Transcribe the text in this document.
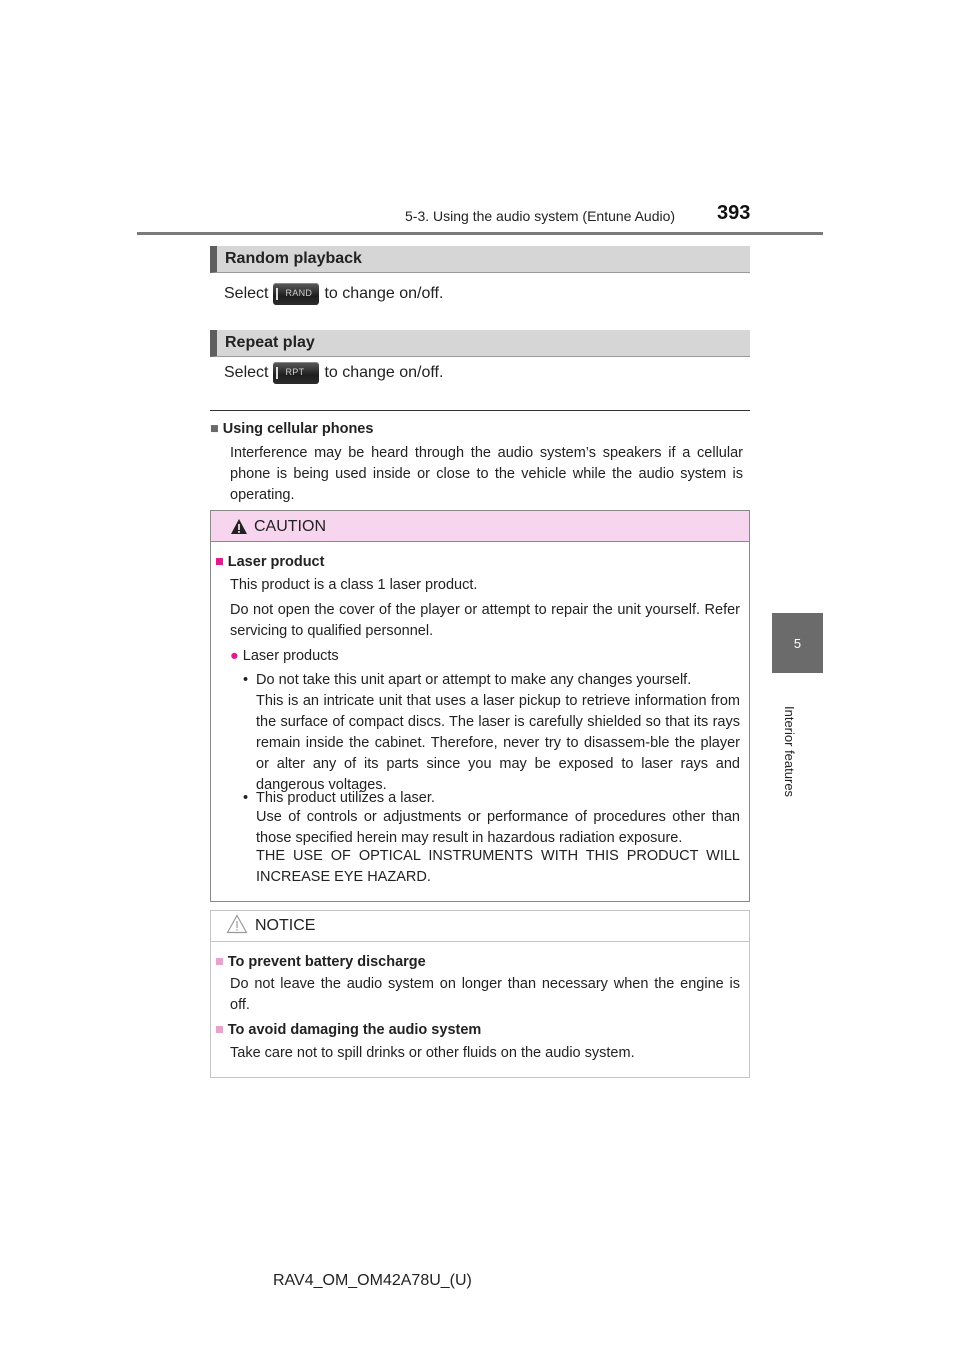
5-3. Using the audio system (Entune Audio) 393
5
Interior features
Random playback
Select RAND to change on/off.
Repeat play
Select RPT to change on/off.
■ Using cellular phones
Interference may be heard through the audio system’s speakers if a cellular phone is being used inside or close to the vehicle while the audio system is operating.
CAUTION
■ Laser product
This product is a class 1 laser product.
Do not open the cover of the player or attempt to repair the unit yourself. Refer servicing to qualified personnel.
● Laser products
• Do not take this unit apart or attempt to make any changes yourself.
This is an intricate unit that uses a laser pickup to retrieve information from the surface of compact discs. The laser is carefully shielded so that its rays remain inside the cabinet. Therefore, never try to disassem-ble the player or alter any of its parts since you may be exposed to laser rays and dangerous voltages.
• This product utilizes a laser.
Use of controls or adjustments or performance of procedures other than those specified herein may result in hazardous radiation exposure.
THE USE OF OPTICAL INSTRUMENTS WITH THIS PRODUCT WILL INCREASE EYE HAZARD.
NOTICE
■ To prevent battery discharge
Do not leave the audio system on longer than necessary when the engine is off.
■ To avoid damaging the audio system
Take care not to spill drinks or other fluids on the audio system.
RAV4_OM_OM42A78U_(U)
